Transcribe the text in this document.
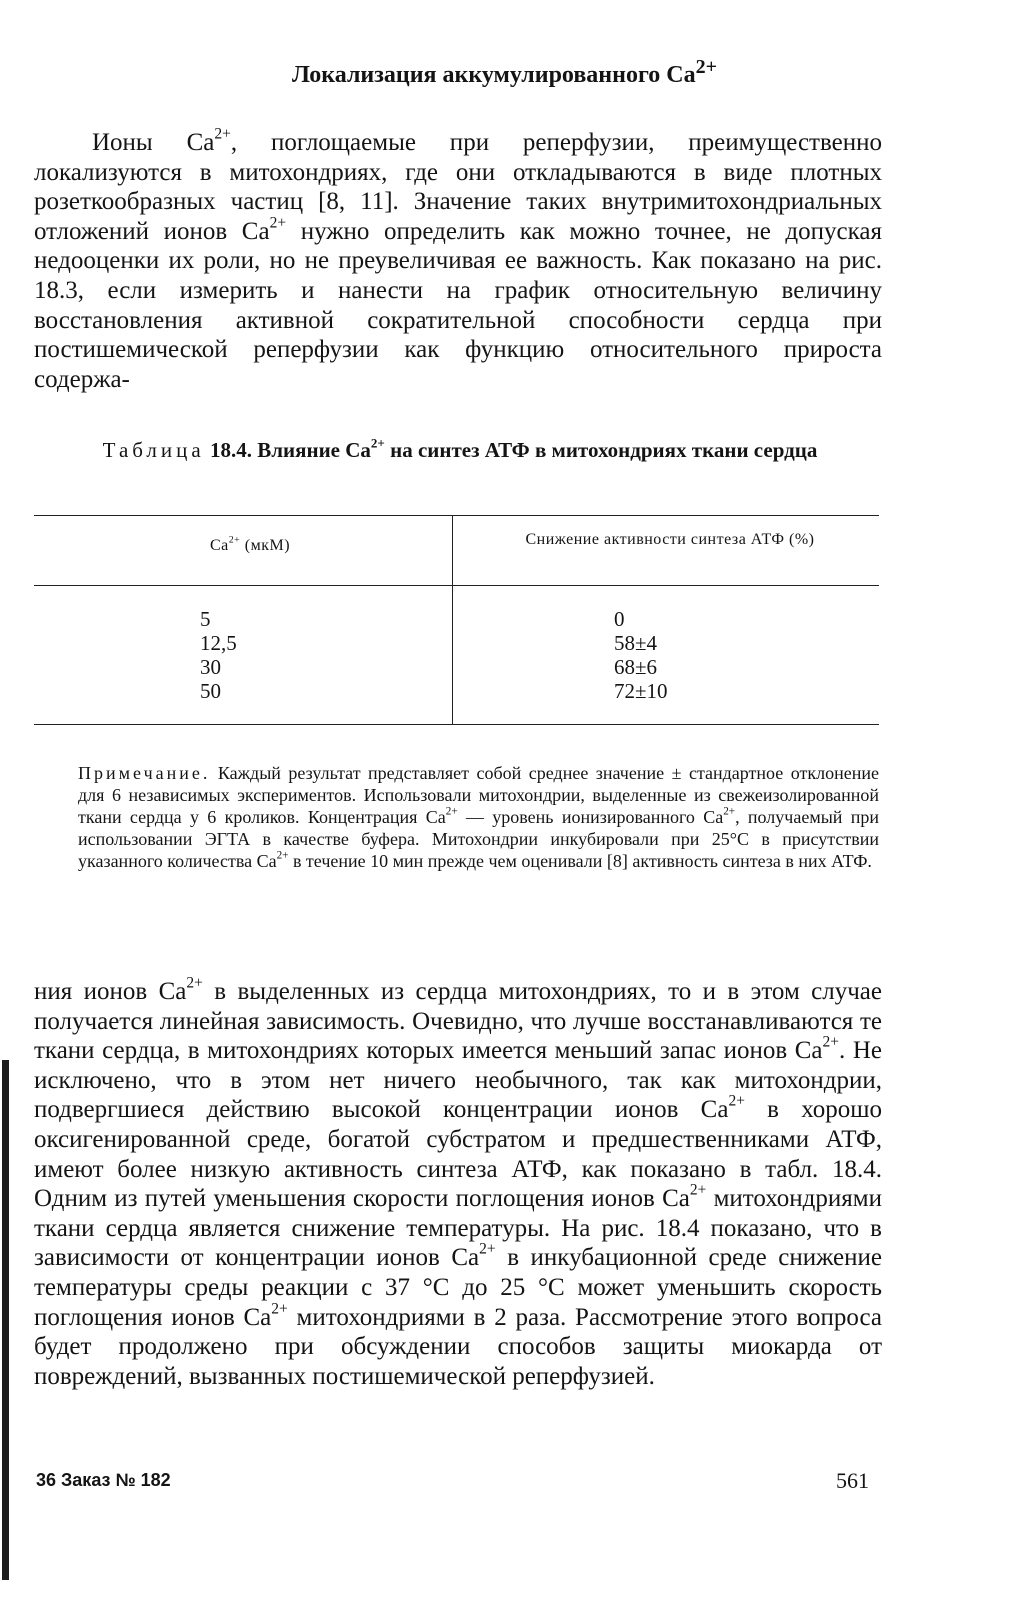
Локализация аккумулированного $Ca^{2+}$

Ионы $Ca^{2+}$, поглощаемые при реперфузии, преимущественно локализуются в митохондриях, где они откладываются в виде плотных розеткообразных частиц [8, 11]. Значение таких внутримитохондриальных отложений ионов $Ca^{2+}$ нужно определить как можно точнее, не допуская недооценки их роли, но не преувеличивая ее важность. Как показано на рис. 18.3, если измерить и нанести на график относительную величину восстановления активной сократительной способности сердца при постишемической реперфузии как функцию относительного прироста содержа-

Таблица 18.4. Влияние $Ca^{2+}$ на синтез АТФ в митохондриях ткани сердца
$Ca^{2+}$ (мкМ)	Снижение активности синтеза АТФ (%)
5
12,5
30
50
0
58±4
68±6
72±10

Примечание. Каждый результат представляет собой среднее значение ± стандартное отклонение для 6 независимых экспериментов. Использовали митохондрии, выделенные из свежеизолированной ткани сердца у 6 кроликов. Концентрация $Ca^{2+}$ — уровень ионизированного $Ca^{2+}$, получаемый при использовании ЭГТА в качестве буфера. Митохондрии инкубировали при 25°C в присутствии указанного количества $Ca^{2+}$ в течение 10 мин прежде чем оценивали [8] активность синтеза в них АТФ.

ния ионов $Ca^{2+}$ в выделенных из сердца митохондриях, то и в этом случае получается линейная зависимость. Очевидно, что лучше восстанавливаются те ткани сердца, в митохондриях которых имеется меньший запас ионов $Ca^{2+}$. Не исключено, что в этом нет ничего необычного, так как митохондрии, подвергшиеся действию высокой концентрации ионов $Ca^{2+}$ в хорошо оксигенированной среде, богатой субстратом и предшественниками АТФ, имеют более низкую активность синтеза АТФ, как показано в табл. 18.4. Одним из путей уменьшения скорости поглощения ионов $Ca^{2+}$ митохондриями ткани сердца является снижение температуры. На рис. 18.4 показано, что в зависимости от концентрации ионов $Ca^{2+}$ в инкубационной среде снижение температуры среды реакции с 37 °C до 25 °C может уменьшить скорость поглощения ионов $Ca^{2+}$ митохондриями в 2 раза. Рассмотрение этого вопроса будет продолжено при обсуждении способов защиты миокарда от повреждений, вызванных постишемической реперфузией.

36 Заказ № 182	561
